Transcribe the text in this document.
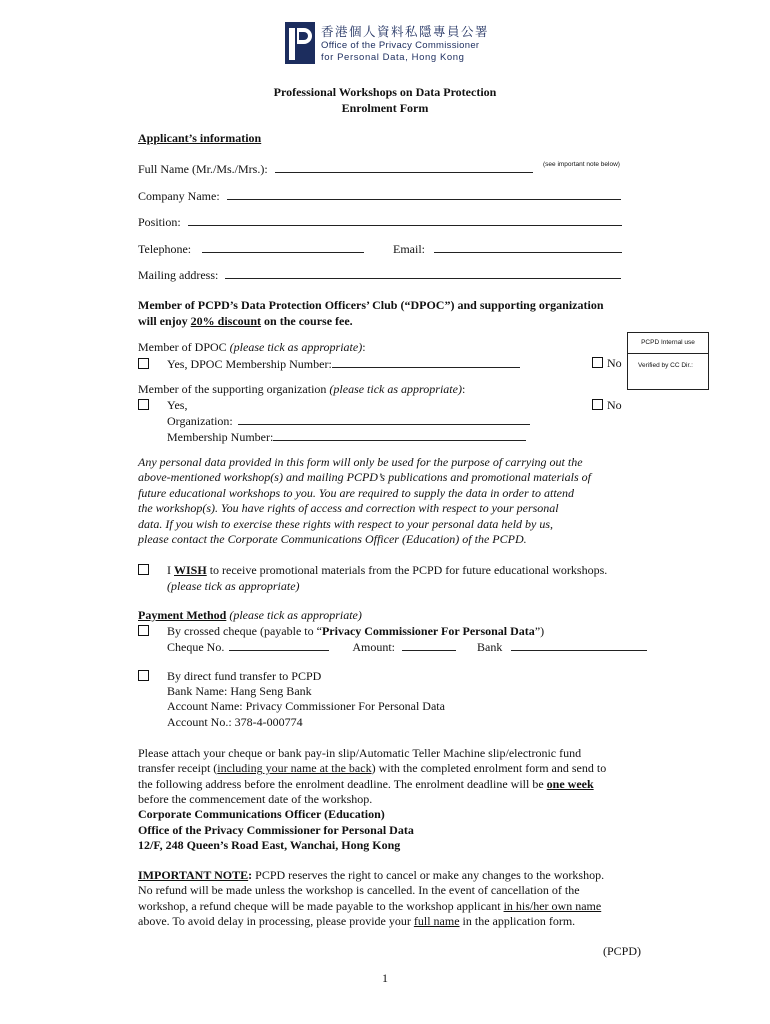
香港個人資料私隱專員公署
Office of the Privacy Commissioner
for Personal Data, Hong Kong
Professional Workshops on Data Protection
Enrolment Form
Applicant’s information
Full Name (Mr./Ms./Mrs.):	(see important note below)
Company Name:
Position:
Telephone:	Email:
Mailing address:
Member of PCPD’s Data Protection Officers’ Club (“DPOC”) and supporting organization
will enjoy 20% discount on the course fee.
PCPD Internal use
Verified by CC Dir.:
Member of DPOC (please tick as appropriate):
Yes, DPOC Membership Number:	No
Member of the supporting organization (please tick as appropriate):
Yes,	No
Organization:
Membership Number:
Any personal data provided in this form will only be used for the purpose of carrying out the
above-mentioned workshop(s) and mailing PCPD’s publications and promotional materials of
future educational workshops to you. You are required to supply the data in order to attend
the workshop(s). You have rights of access and correction with respect to your personal
data. If you wish to exercise these rights with respect to your personal data held by us,
please contact the Corporate Communications Officer (Education) of the PCPD.
I WISH to receive promotional materials from the PCPD for future educational workshops.
(please tick as appropriate)
Payment Method (please tick as appropriate)
By crossed cheque (payable to “Privacy Commissioner For Personal Data”)
Cheque No.	Amount:	Bank
By direct fund transfer to PCPD
Bank Name: Hang Seng Bank
Account Name: Privacy Commissioner For Personal Data
Account No.: 378-4-000774
Please attach your cheque or bank pay-in slip/Automatic Teller Machine slip/electronic fund
transfer receipt (including your name at the back) with the completed enrolment form and send to
the following address before the enrolment deadline. The enrolment deadline will be one week
before the commencement date of the workshop.
Corporate Communications Officer (Education)
Office of the Privacy Commissioner for Personal Data
12/F, 248 Queen’s Road East, Wanchai, Hong Kong
IMPORTANT NOTE: PCPD reserves the right to cancel or make any changes to the workshop.
No refund will be made unless the workshop is cancelled. In the event of cancellation of the
workshop, a refund cheque will be made payable to the workshop applicant in his/her own name
above. To avoid delay in processing, please provide your full name in the application form.
(PCPD)
1
